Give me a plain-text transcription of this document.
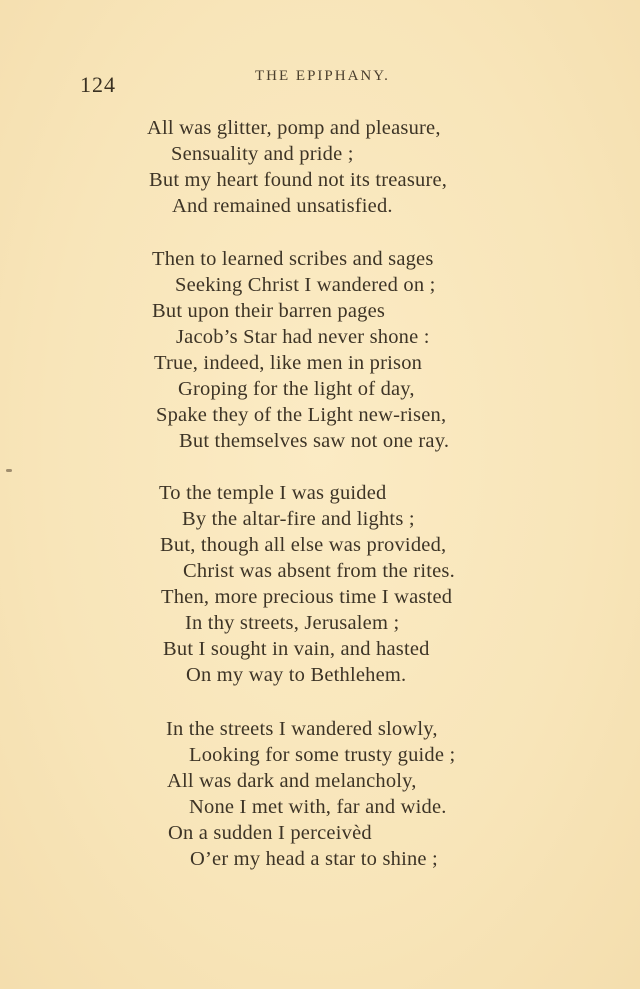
124	THE EPIPHANY.
All was glitter, pomp and pleasure,
Sensuality and pride ;
But my heart found not its treasure,
And remained unsatisfied.
Then to learned scribes and sages
Seeking Christ I wandered on ;
But upon their barren pages
Jacob’s Star had never shone :
True, indeed, like men in prison
Groping for the light of day,
Spake they of the Light new-risen,
But themselves saw not one ray.
To the temple I was guided
By the altar-fire and lights ;
But, though all else was provided,
Christ was absent from the rites.
Then, more precious time I wasted
In thy streets, Jerusalem ;
But I sought in vain, and hasted
On my way to Bethlehem.
In the streets I wandered slowly,
Looking for some trusty guide ;
All was dark and melancholy,
None I met with, far and wide.
On a sudden I perceivèd
O’er my head a star to shine ;
